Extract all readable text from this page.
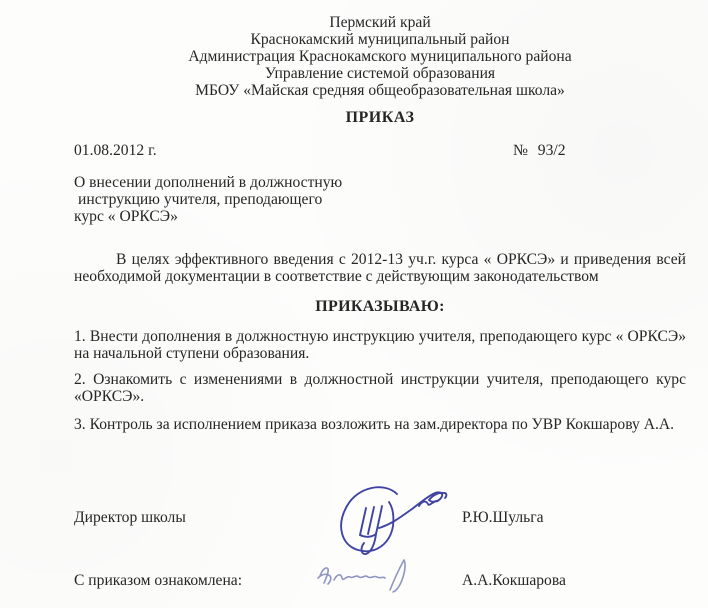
Пермский край
Краснокамский муниципальный район
Администрация Краснокамского муниципального района
Управление системой образования
МБОУ «Майская средняя общеобразовательная школа»
ПРИКАЗ
01.08.2012 г.	№ 93/2
О внесении дополнений в должностную
инструкцию учителя, преподающего
курс « ОРКСЭ»
В целях эффективного введения с 2012-13 уч.г. курса « ОРКСЭ» и приведения всей
необходимой документации в соответствие с действующим законодательством
ПРИКАЗЫВАЮ:
1. Внести дополнения в должностную инструкцию учителя, преподающего курс « ОРКСЭ»
на начальной ступени образования.
2. Ознакомить с изменениями в должностной инструкции учителя, преподающего курс
«ОРКСЭ».
3. Контроль за исполнением приказа возложить на зам.директора по УВР Кокшарову А.А.
Директор школы	Р.Ю.Шульга
С приказом ознакомлена:	А.А.Кокшарова
